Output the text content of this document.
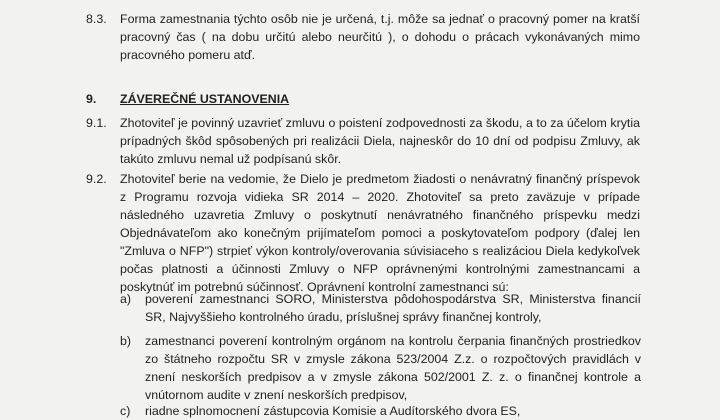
8.3. Forma zamestnania týchto osôb nie je určená, t.j. môže sa jednať o pracovný pomer na kratší pracovný čas ( na dobu určitú alebo neurčitú ), o dohodu o prácach vykonávaných mimo pracovného pomeru atď.
9. ZÁVEREČNÉ USTANOVENIA
9.1. Zhotoviteľ je povinný uzavrieť zmluvu o poistení zodpovednosti za škodu, a to za účelom krytia prípadných škôd spôsobených pri realizácii Diela, najneskôr do 10 dní od podpisu Zmluvy, ak takúto zmluvu nemal už podpísanú skôr.
9.2. Zhotoviteľ berie na vedomie, že Dielo je predmetom žiadosti o nenávratný finančný príspevok z Programu rozvoja vidieka SR 2014 – 2020. Zhotoviteľ sa preto zaväzuje v prípade následného uzavretia Zmluvy o poskytnutí nenávratného finančného príspevku medzi Objednávateľom ako konečným prijímateľom pomoci a poskytovateľom podpory (ďalej len "Zmluva o NFP") strpieť výkon kontroly/overovania súvisiaceho s realizáciou Diela kedykoľvek počas platnosti a účinnosti Zmluvy o NFP oprávnenými kontrolnými zamestnancami a poskytnúť im potrebnú súčinnosť. Oprávnení kontrolní zamestnanci sú:
a) poverení zamestnanci SORO, Ministerstva pôdohospodárstva SR, Ministerstva financií SR, Najvyššieho kontrolného úradu, príslušnej správy finančnej kontroly,
b) zamestnanci poverení kontrolným orgánom na kontrolu čerpania finančných prostriedkov zo štátneho rozpočtu SR v zmysle zákona 523/2004 Z.z. o rozpočtových pravidlách v znení neskorších predpisov a v zmysle zákona 502/2001 Z. z. o finančnej kontrole a vnútornom audite v znení neskorších predpisov,
c) riadne splnomocnení zástupcovia Komisie a Audítorského dvora ES,
